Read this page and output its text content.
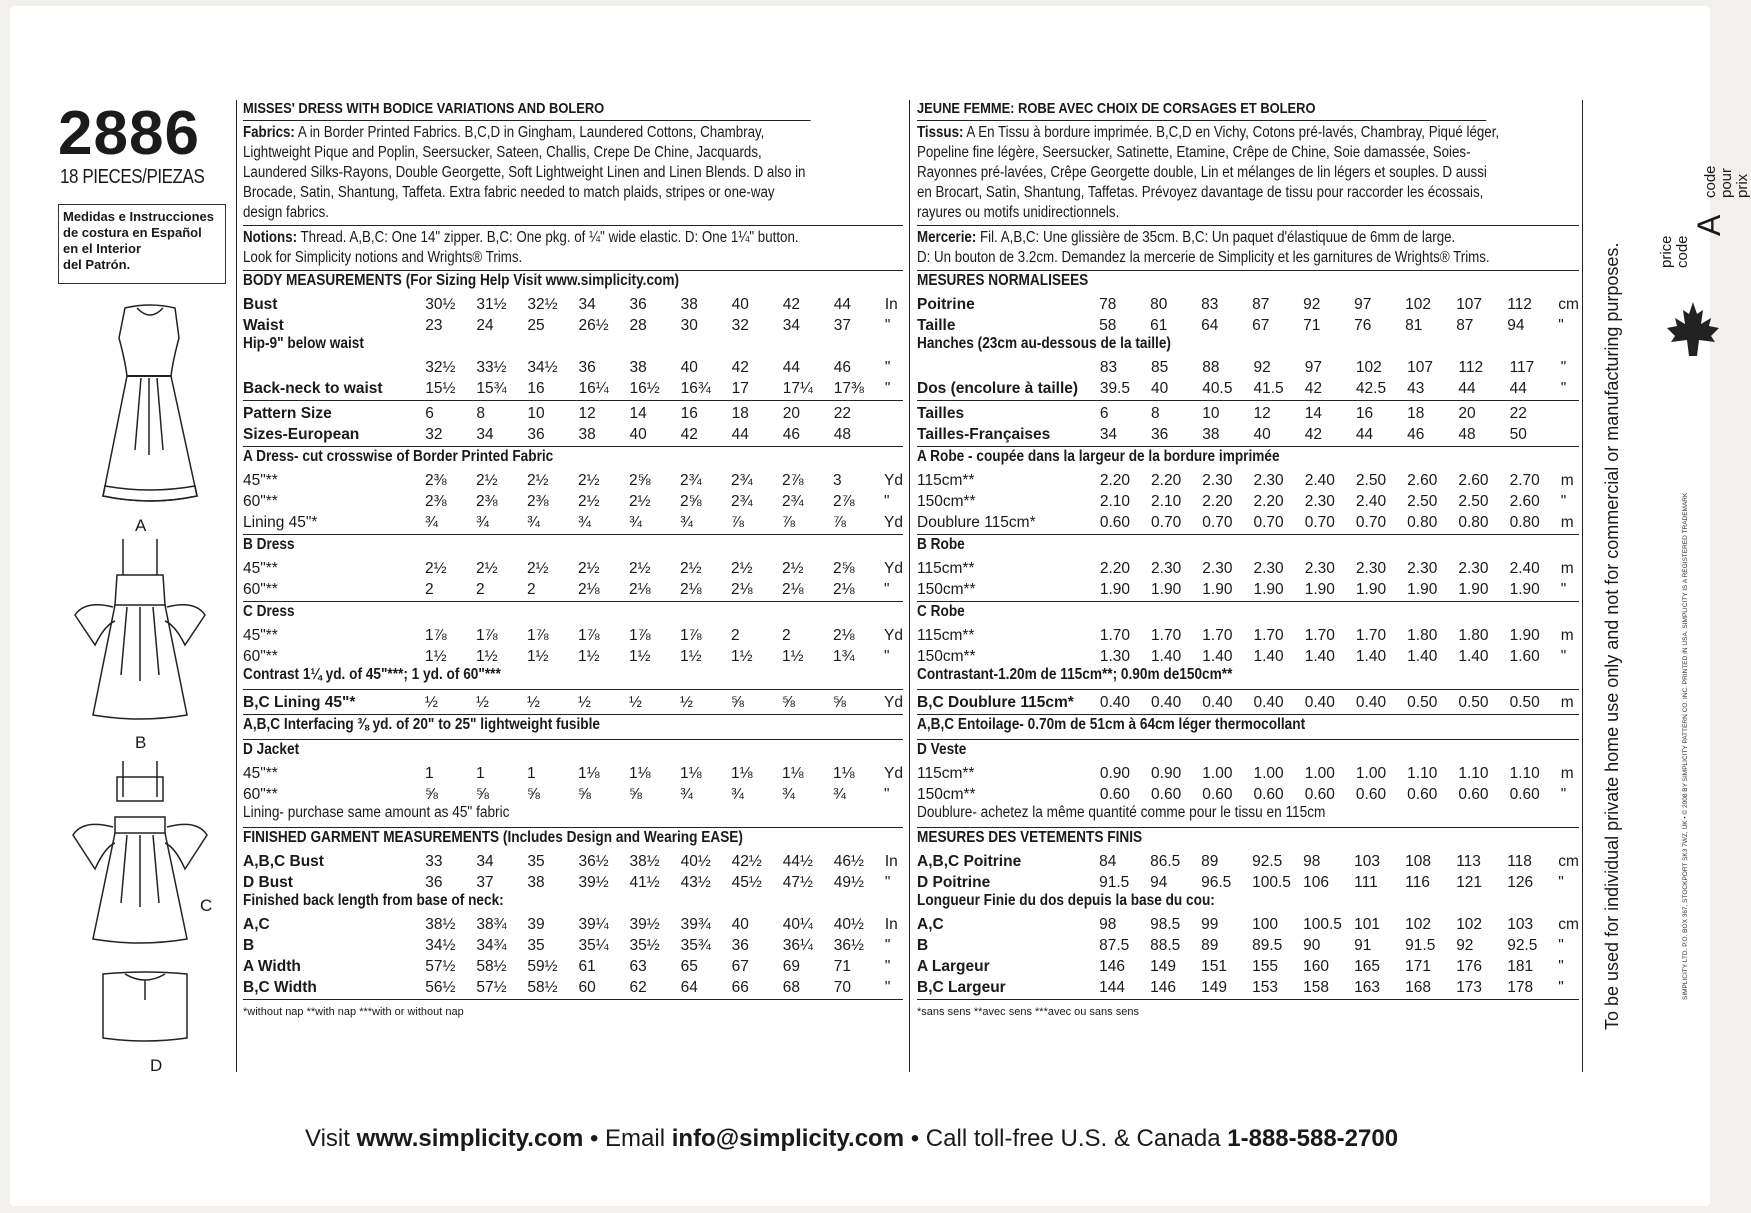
2886
18 PIECES/PIEZAS
Medidas e Instrucciones
de costura en Español
en el Interior
del Patrón.
A
B
C
D
MISSES' DRESS WITH BODICE VARIATIONS AND BOLERO
Fabrics: A in Border Printed Fabrics. B,C,D in Gingham, Laundered Cottons, Chambray,
Lightweight Pique and Poplin, Seersucker, Sateen, Challis, Crepe De Chine, Jacquards,
Laundered Silks-Rayons, Double Georgette, Soft Lightweight Linen and Linen Blends. D also in
Brocade, Satin, Shantung, Taffeta. Extra fabric needed to match plaids, stripes or one-way
design fabrics.

Notions: Thread. A,B,C: One 14" zipper. B,C: One pkg. of ¼" wide elastic. D: One 1¼" button.
Look for Simplicity notions and Wrights® Trims.

BODY MEASUREMENTS (For Sizing Help Visit www.simplicity.com)
Bust	30½	31½	32½	34	36	38	40	42	44	In
Waist	23	24	25	26½	28	30	32	34	37	"
Hip-9" below waist
	32½	33½	34½	36	38	40	42	44	46	"
Back-neck to waist	15½	15¾	16	16¼	16½	16¾	17	17¼	17⅜	"
Pattern Size	6	8	10	12	14	16	18	20	22	
Sizes-European	32	34	36	38	40	42	44	46	48	
A Dress- cut crosswise of Border Printed Fabric
45"**	2⅜	2½	2½	2½	2⅝	2¾	2¾	2⅞	3	Yd
60"**	2⅜	2⅜	2⅜	2½	2½	2⅝	2¾	2¾	2⅞	"
Lining 45"*	¾	¾	¾	¾	¾	¾	⅞	⅞	⅞	Yd
B Dress
45"**	2½	2½	2½	2½	2½	2½	2½	2½	2⅝	Yd
60"**	2	2	2	2⅛	2⅛	2⅛	2⅛	2⅛	2⅛	"
C Dress
45"**	1⅞	1⅞	1⅞	1⅞	1⅞	1⅞	2	2	2⅛	Yd
60"**	1½	1½	1½	1½	1½	1½	1½	1½	1¾	"
Contrast 1¼ yd. of 45"***; 1 yd. of 60"***
B,C Lining 45"*	½	½	½	½	½	½	⅝	⅝	⅝	Yd
A,B,C Interfacing ⅜ yd. of 20" to 25" lightweight fusible
D Jacket
45"**	1	1	1	1⅛	1⅛	1⅛	1⅛	1⅛	1⅛	Yd
60"**	⅝	⅝	⅝	⅝	⅝	¾	¾	¾	¾	"
Lining- purchase same amount as 45" fabric
FINISHED GARMENT MEASUREMENTS (Includes Design and Wearing EASE)
A,B,C Bust	33	34	35	36½	38½	40½	42½	44½	46½	In
D Bust	36	37	38	39½	41½	43½	45½	47½	49½	"
Finished back length from base of neck:
A,C	38½	38¾	39	39¼	39½	39¾	40	40¼	40½	In
B	34½	34¾	35	35¼	35½	35¾	36	36¼	36½	"
A Width	57½	58½	59½	61	63	65	67	69	71	"
B,C Width	56½	57½	58½	60	62	64	66	68	70	"
*without nap **with nap ***with or without nap
JEUNE FEMME: ROBE AVEC CHOIX DE CORSAGES ET BOLERO
Tissus: A En Tissu à bordure imprimée. B,C,D en Vichy, Cotons pré-lavés, Chambray, Piqué léger,
Popeline fine légère, Seersucker, Satinette, Etamine, Crêpe de Chine, Soie damassée, Soies-
Rayonnes pré-lavées, Crêpe Georgette double, Lin et mélanges de lin légers et souples. D aussi
en Brocart, Satin, Shantung, Taffetas. Prévoyez davantage de tissu pour raccorder les écossais,
rayures ou motifs unidirectionnels.

Mercerie: Fil. A,B,C: Une glissière de 35cm. B,C: Un paquet d'élastiquue de 6mm de large.
D: Un bouton de 3.2cm. Demandez la mercerie de Simplicity et les garnitures de Wrights® Trims.

MESURES NORMALISEES
Poitrine	78	80	83	87	92	97	102	107	112	cm
Taille	58	61	64	67	71	76	81	87	94	"
Hanches (23cm au-dessous de la taille)
	83	85	88	92	97	102	107	112	117	"
Dos (encolure à taille)	39.5	40	40.5	41.5	42	42.5	43	44	44	"
Tailles	6	8	10	12	14	16	18	20	22	
Tailles-Françaises	34	36	38	40	42	44	46	48	50	
A Robe - coupée dans la largeur de la bordure imprimée
115cm**	2.20	2.20	2.30	2.30	2.40	2.50	2.60	2.60	2.70	m
150cm**	2.10	2.10	2.20	2.20	2.30	2.40	2.50	2.50	2.60	"
Doublure 115cm*	0.60	0.70	0.70	0.70	0.70	0.70	0.80	0.80	0.80	m
B Robe
115cm**	2.20	2.30	2.30	2.30	2.30	2.30	2.30	2.30	2.40	m
150cm**	1.90	1.90	1.90	1.90	1.90	1.90	1.90	1.90	1.90	"
C Robe
115cm**	1.70	1.70	1.70	1.70	1.70	1.70	1.80	1.80	1.90	m
150cm**	1.30	1.40	1.40	1.40	1.40	1.40	1.40	1.40	1.60	"
Contrastant-1.20m de 115cm**; 0.90m de150cm**
B,C Doublure 115cm*	0.40	0.40	0.40	0.40	0.40	0.40	0.50	0.50	0.50	m
A,B,C Entoilage- 0.70m de 51cm à 64cm léger thermocollant
D Veste
115cm**	0.90	0.90	1.00	1.00	1.00	1.00	1.10	1.10	1.10	m
150cm**	0.60	0.60	0.60	0.60	0.60	0.60	0.60	0.60	0.60	"
Doublure- achetez la même quantité comme pour le tissu en 115cm
MESURES DES VETEMENTS FINIS
A,B,C Poitrine	84	86.5	89	92.5	98	103	108	113	118	cm
D Poitrine	91.5	94	96.5	100.5	106	111	116	121	126	"
Longueur Finie du dos depuis la base du cou:
A,C	98	98.5	99	100	100.5	101	102	102	103	cm
B	87.5	88.5	89	89.5	90	91	91.5	92	92.5	"
A Largeur	146	149	151	155	160	165	171	176	181	"
B,C Largeur	144	146	149	153	158	163	168	173	178	"
*sans sens **avec sens ***avec ou sans sens
Visit www.simplicity.com • Email info@simplicity.com • Call toll-free U.S. & Canada 1-888-588-2700
To be used for individual private home use only and not for commercial or manufacturing purposes. price code
A
code pour prix
SIMPLICITY LTD. P.O. BOX 367, STOCKPORT SK3 7WZ, UK • © 2008 BY SIMPLICITY PATTERN CO. INC. PRINTED IN USA. SIMPLICITY IS A REGISTERED TRADEMARK
